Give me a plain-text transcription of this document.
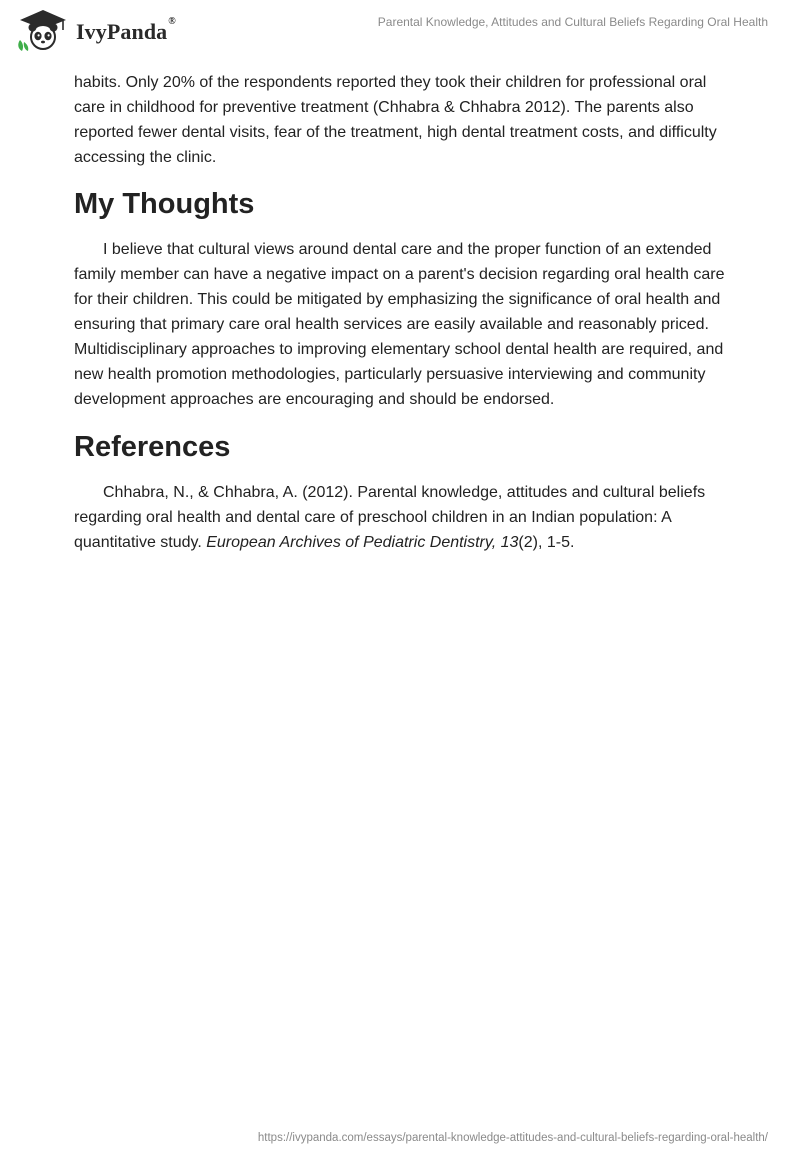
IvyPanda®	Parental Knowledge, Attitudes and Cultural Beliefs Regarding Oral Health

habits. Only 20% of the respondents reported they took their children for professional oral care in childhood for preventive treatment (Chhabra & Chhabra 2012). The parents also reported fewer dental visits, fear of the treatment, high dental treatment costs, and difficulty accessing the clinic.

My Thoughts

I believe that cultural views around dental care and the proper function of an extended family member can have a negative impact on a parent's decision regarding oral health care for their children. This could be mitigated by emphasizing the significance of oral health and ensuring that primary care oral health services are easily available and reasonably priced. Multidisciplinary approaches to improving elementary school dental health are required, and new health promotion methodologies, particularly persuasive interviewing and community development approaches are encouraging and should be endorsed.

References

Chhabra, N., & Chhabra, A. (2012). Parental knowledge, attitudes and cultural beliefs regarding oral health and dental care of preschool children in an Indian population: A quantitative study. European Archives of Pediatric Dentistry, 13(2), 1-5.

https://ivypanda.com/essays/parental-knowledge-attitudes-and-cultural-beliefs-regarding-oral-health/
